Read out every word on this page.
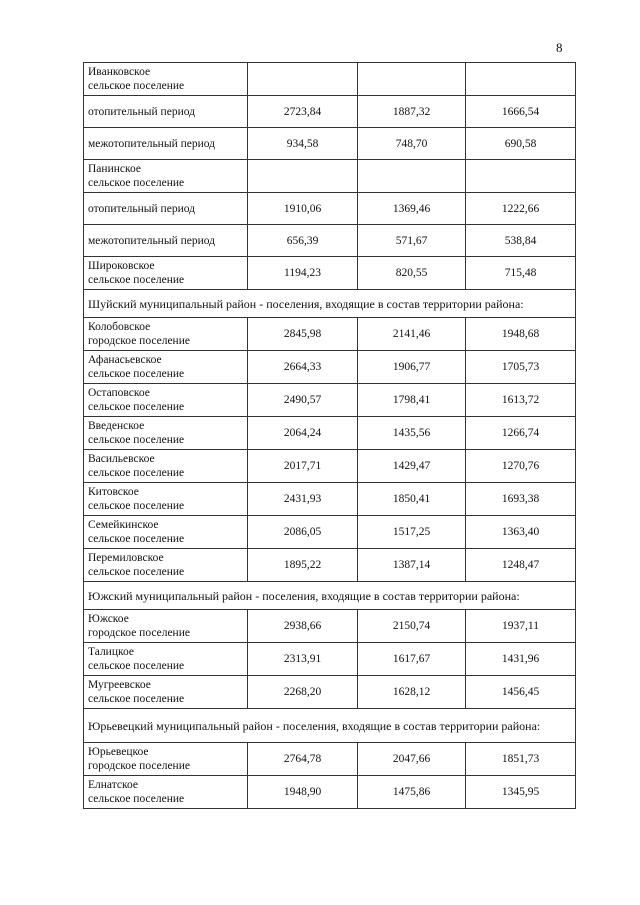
8
Иванковское
сельское поселение			

отопительный период	2723,84	1887,32	1666,54
межотопительный период	934,58	748,70	690,58

Панинское
сельское поселение			

отопительный период	1910,06	1369,46	1222,66
межотопительный период	656,39	571,67	538,84

Широковское
сельское поселение	1194,23	820,55	715,48
Шуйский муниципальный район - поселения, входящие в состав территории района:			

Колобовское
городское поселение	2845,98	2141,46	1948,68

Афанасьевское
сельское поселение	2664,33	1906,77	1705,73

Остаповское
сельское поселение	2490,57	1798,41	1613,72

Введенское
сельское поселение	2064,24	1435,56	1266,74

Васильевское
сельское поселение	2017,71	1429,47	1270,76

Китовское
сельское поселение	2431,93	1850,41	1693,38

Семейкинское
сельское поселение	2086,05	1517,25	1363,40

Перемиловское
сельское поселение	1895,22	1387,14	1248,47
Южский муниципальный район - поселения, входящие в состав территории района:			

Южское
городское поселение	2938,66	2150,74	1937,11

Талицкое
сельское поселение	2313,91	1617,67	1431,96

Мугреевское
сельское поселение	2268,20	1628,12	1456,45
Юрьевецкий муниципальный район - поселения, входящие в состав территории района:			

Юрьевецкое
городское поселение	2764,78	2047,66	1851,73

Елнатское
сельское поселение	1948,90	1475,86	1345,95
